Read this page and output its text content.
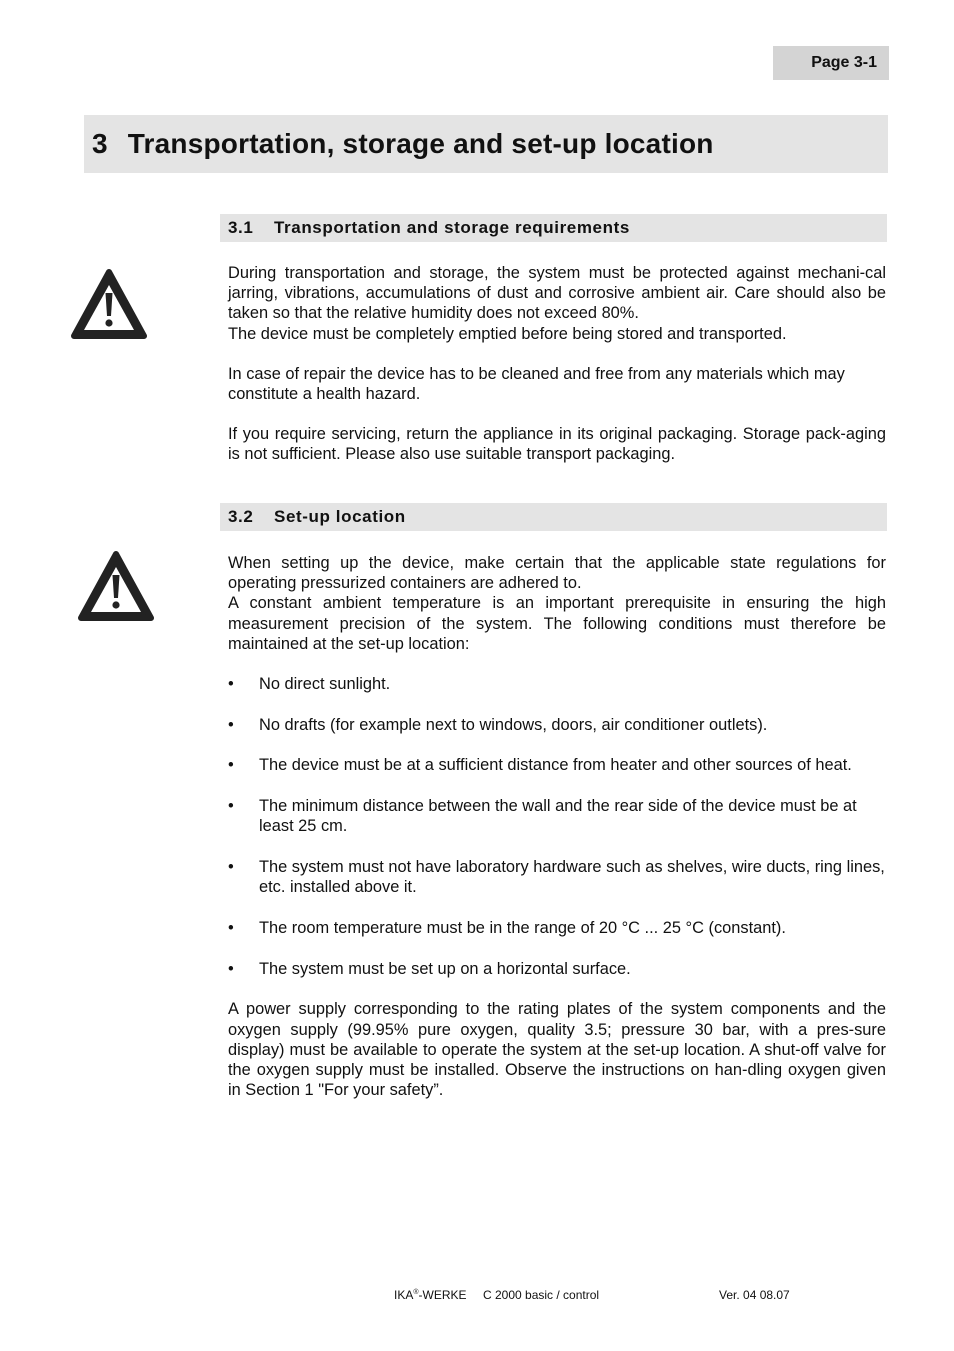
Page 3-1
3 Transportation, storage and set-up location
3.1	Transportation and storage requirements

During transportation and storage, the system must be protected against mechani-cal jarring, vibrations, accumulations of dust and corrosive ambient air. Care should also be taken so that the relative humidity does not exceed 80%.

The device must be completely emptied before being stored and transported.

In case of repair the device has to be cleaned and free from any materials which may constitute a health hazard.

If you require servicing, return the appliance in its original packaging. Storage pack-aging is not sufficient. Please also use suitable transport packaging.

3.2	Set-up location

When setting up the device, make certain that the applicable state regulations for operating pressurized containers are adhered to.

A constant ambient temperature is an important prerequisite in ensuring the high measurement precision of the system. The following conditions must therefore be maintained at the set-up location:

• No direct sunlight.
• No drafts (for example next to windows, doors, air conditioner outlets).
• The device must be at a sufficient distance from heater and other sources of heat.
• The minimum distance between the wall and the rear side of the device must be at least 25 cm.
• The system must not have laboratory hardware such as shelves, wire ducts, ring lines, etc. installed above it.
• The room temperature must be in the range of 20 °C ... 25 °C (constant).
• The system must be set up on a horizontal surface.

A power supply corresponding to the rating plates of the system components and the oxygen supply (99.95% pure oxygen, quality 3.5; pressure 30 bar, with a pres-sure display) must be available to operate the system at the set-up location. A shut-off valve for the oxygen supply must be installed. Observe the instructions on han-dling oxygen given in Section 1 "For your safety”.

IKA®-WERKE C 2000 basic / control	Ver. 04 08.07
